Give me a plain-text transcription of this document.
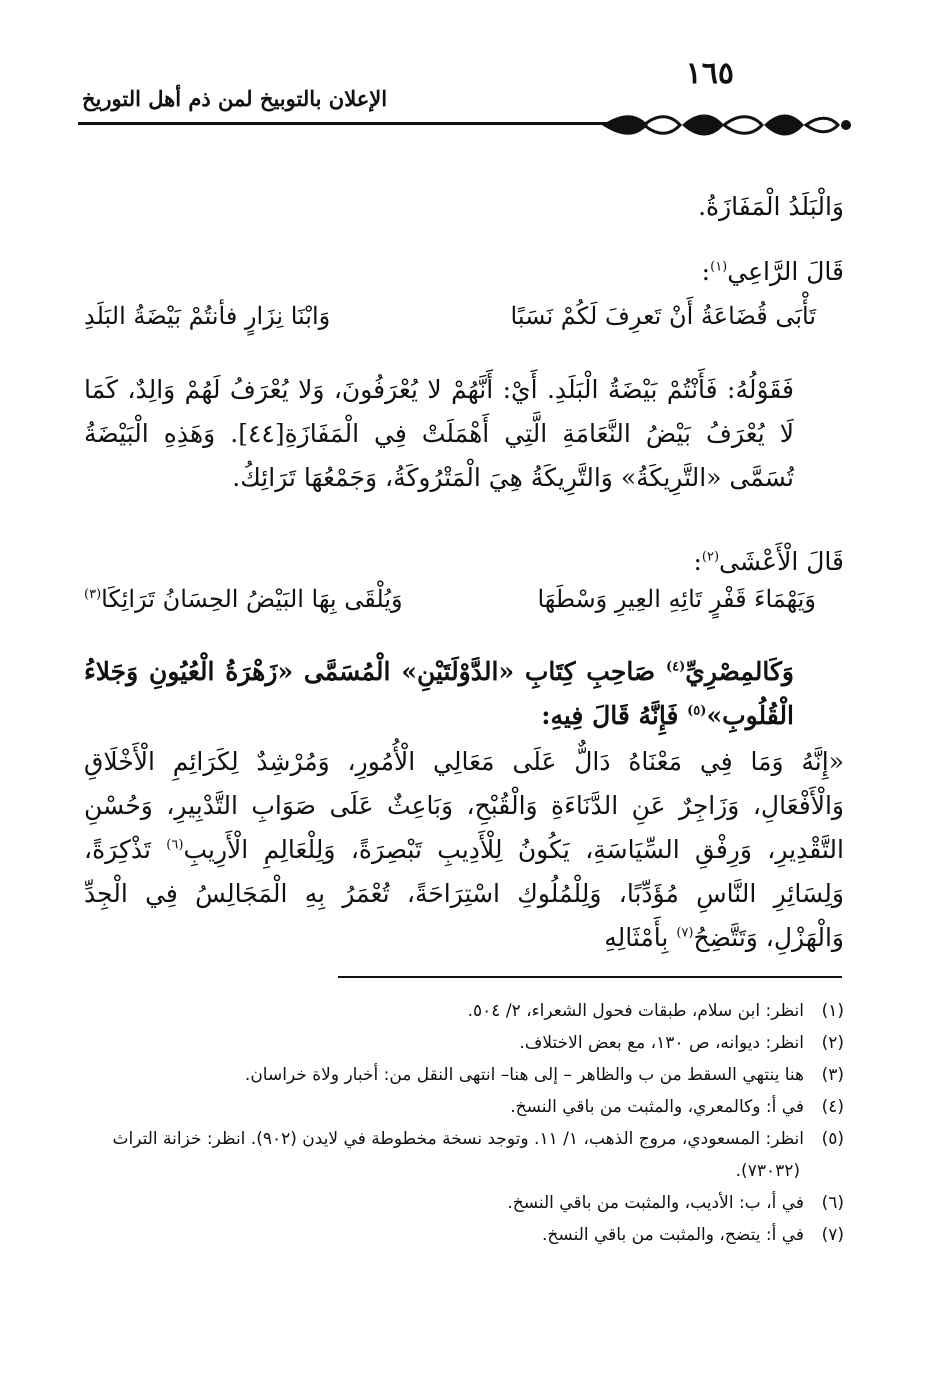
١٦٥
الإعلان بالتوبيخ لمن ذم أهل التوريخ

وَالْبَلَدُ الْمَفَازَةُ.

قَالَ الرَّاعِي$^{(١)}$:

تَأْبَى قُضَاعَةُ أَنْ تَعرِفَ لَكُمْ نَسَبًا
وَابْنَا نِزَارٍ فأنتُمْ بَيْضَةُ البَلَدِ

فَقَوْلُهُ: فَأَنْتُمْ بَيْضَةُ الْبَلَدِ. أَيْ: أَنَّهُمْ لا يُعْرَفُونَ، وَلا يُعْرَفُ لَهُمْ وَالِدٌ، كَمَا لَا يُعْرَفُ بَيْضُ النَّعَامَةِ الَّتِي أَهْمَلَتْ فِي الْمَفَازَةِ[٤٤]. وَهَذِهِ الْبَيْضَةُ تُسَمَّى «التَّرِيكَةُ» وَالتَّرِيكَةُ هِيَ الْمَتْرُوكَةُ، وَجَمْعُهَا تَرَائِكُ.

قَالَ الْأَعْشَى$^{(٢)}$:

وَيَهْمَاءَ قَفْرٍ تَائِهِ العِيرِ وَسْطَهَا
وَيُلْقَى بِهَا البَيْضُ الحِسَانُ تَرَائِكَا$^{(٣)}$

وَكَالمِصْرِيِّ$^{(٤)}$ صَاحِبِ كِتَابِ «الدَّوْلَتَيْنِ» الْمُسَمَّى «زَهْرَةُ الْعُيُونِ وَجَلاءُ الْقُلُوبِ»$^{(٥)}$ فَإِنَّهُ قَالَ فِيهِ:

«إِنَّهُ وَمَا فِي مَعْنَاهُ دَالٌّ عَلَى مَعَالِي الْأُمُورِ، وَمُرْشِدٌ لِكَرَائِمِ الْأَخْلَاقِ وَالْأَفْعَالِ، وَزَاجِرٌ عَنِ الدَّنَاءَةِ وَالْقُبْحِ، وَبَاعِثٌ عَلَى صَوَابِ التَّدْبِيرِ، وَحُسْنِ التَّقْدِيرِ، وَرِفْقِ السِّيَاسَةِ، يَكُونُ لِلْأَدِيبِ تَبْصِرَةً، وَلِلْعَالِمِ الْأَرِيبِ$^{(٦)}$ تَذْكِرَةً، وَلِسَائِرِ النَّاسِ مُؤَدِّبًا، وَلِلْمُلُوكِ اسْتِرَاحَةً، تُعْمَرُ بِهِ الْمَجَالِسُ فِي الْجِدِّ وَالْهَزْلِ، وَتَتَّضِحُ$^{(٧)}$ بِأَمْثَالِهِ

(١)انظر: ابن سلام، طبقات فحول الشعراء، ٢/ ٥٠٤.

(٢)انظر: ديوانه، ص ١٣٠، مع بعض الاختلاف.

(٣)هنا ينتهي السقط من ب والظاهر – إلى هنا– انتهى النقل من: أخبار ولاة خراسان.

(٤)في أ: وكالمعري، والمثبت من باقي النسخ.

(٥)انظر: المسعودي، مروج الذهب، ١/ ١١. وتوجد نسخة مخطوطة في لايدن (٩٠٢). انظر: خزانة التراث (٧٣٠٣٢).

(٦)في أ، ب: الأديب، والمثبت من باقي النسخ.

(٧)في أ: يتضح، والمثبت من باقي النسخ.
